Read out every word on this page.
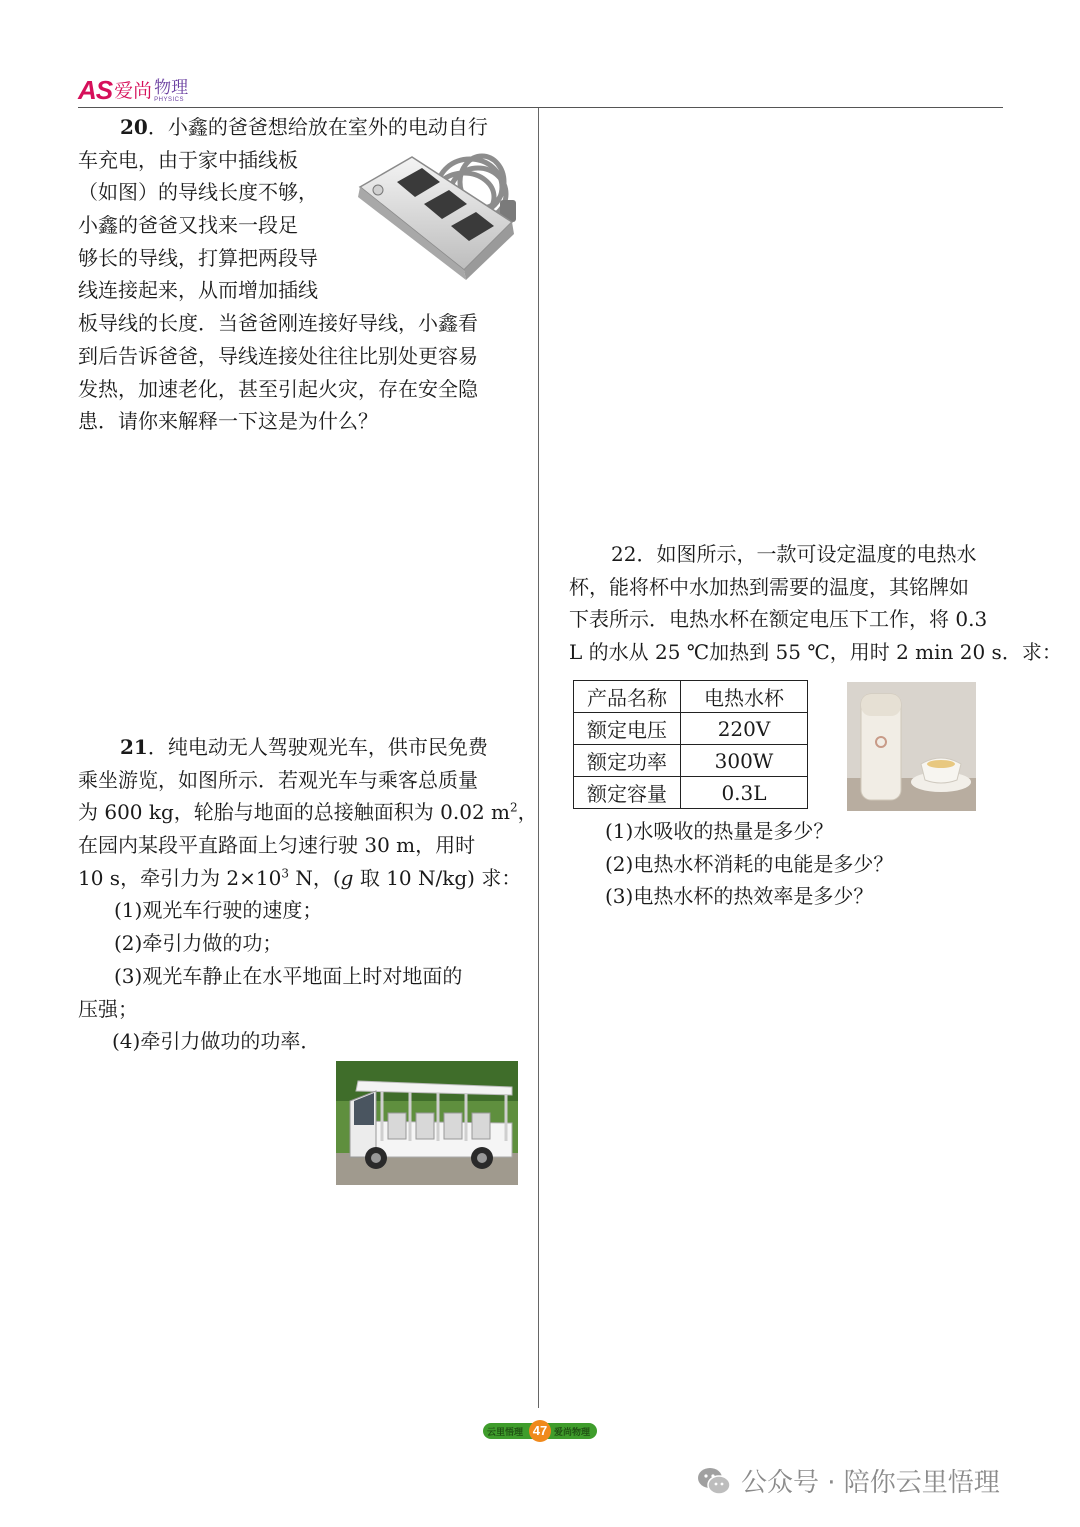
AS 爱尚 物理
PHYSICS
20．小鑫的爸爸想给放在室外的电动自行
车充电，由于家中插线板
（如图）的导线长度不够，
小鑫的爸爸又找来一段足
够长的导线，打算把两段导
线连接起来，从而增加插线
板导线的长度．当爸爸刚连接好导线，小鑫看
到后告诉爸爸，导线连接处往往比别处更容易
发热，加速老化，甚至引起火灾，存在安全隐
患．请你来解释一下这是为什么？
21．纯电动无人驾驶观光车，供市民免费
乘坐游览，如图所示．若观光车与乘客总质量
为 600 kg，轮胎与地面的总接触面积为 0.02 $m^2$，
在园内某段平直路面上匀速行驶 30 m，用时
10 s，牵引力为 $2\times 10^3$ N，(g 取 10 N/kg) 求：
(1)观光车行驶的速度；
(2)牵引力做的功；
(3)观光车静止在水平地面上时对地面的
压强；
(4)牵引力做功的功率．
22．如图所示，一款可设定温度的电热水
杯，能将杯中水加热到需要的温度，其铭牌如
下表所示．电热水杯在额定电压下工作，将 0.3
L 的水从 25 ℃加热到 55 ℃，用时 2 min 20 s．求：
产品名称	电热水杯
额定电压	220V
额定功率	300W
额定容量	0.3L
(1)水吸收的热量是多少？
(2)电热水杯消耗的电能是多少？
(3)电热水杯的热效率是多少？
云里悟理 47 爱尚物理
公众号 · 陪你云里悟理
